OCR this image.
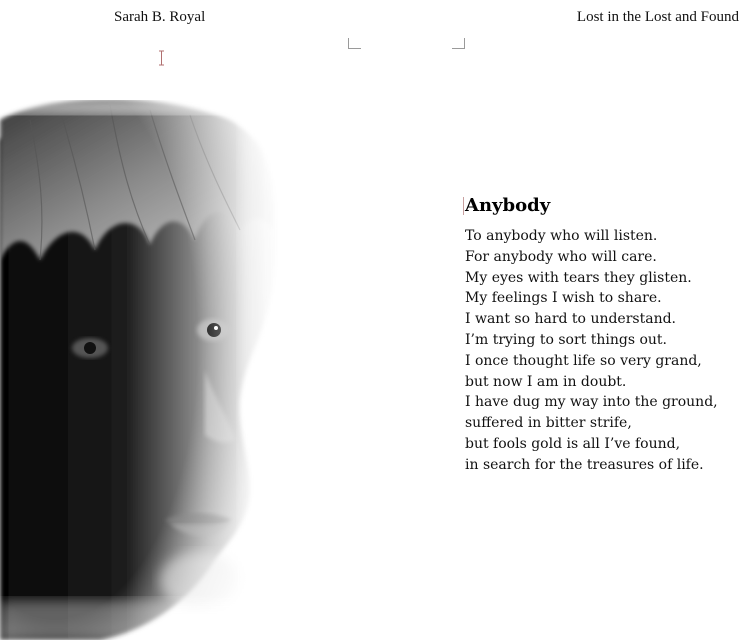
Sarah B. Royal	Lost in the Lost and Found
Anybody
To anybody who will listen.
For anybody who will care.
My eyes with tears they glisten.
My feelings I wish to share.
I want so hard to understand.
I’m trying to sort things out.
I once thought life so very grand,
but now I am in doubt.
I have dug my way into the ground,
suffered in bitter strife,
but fools gold is all I’ve found,
in search for the treasures of life.
